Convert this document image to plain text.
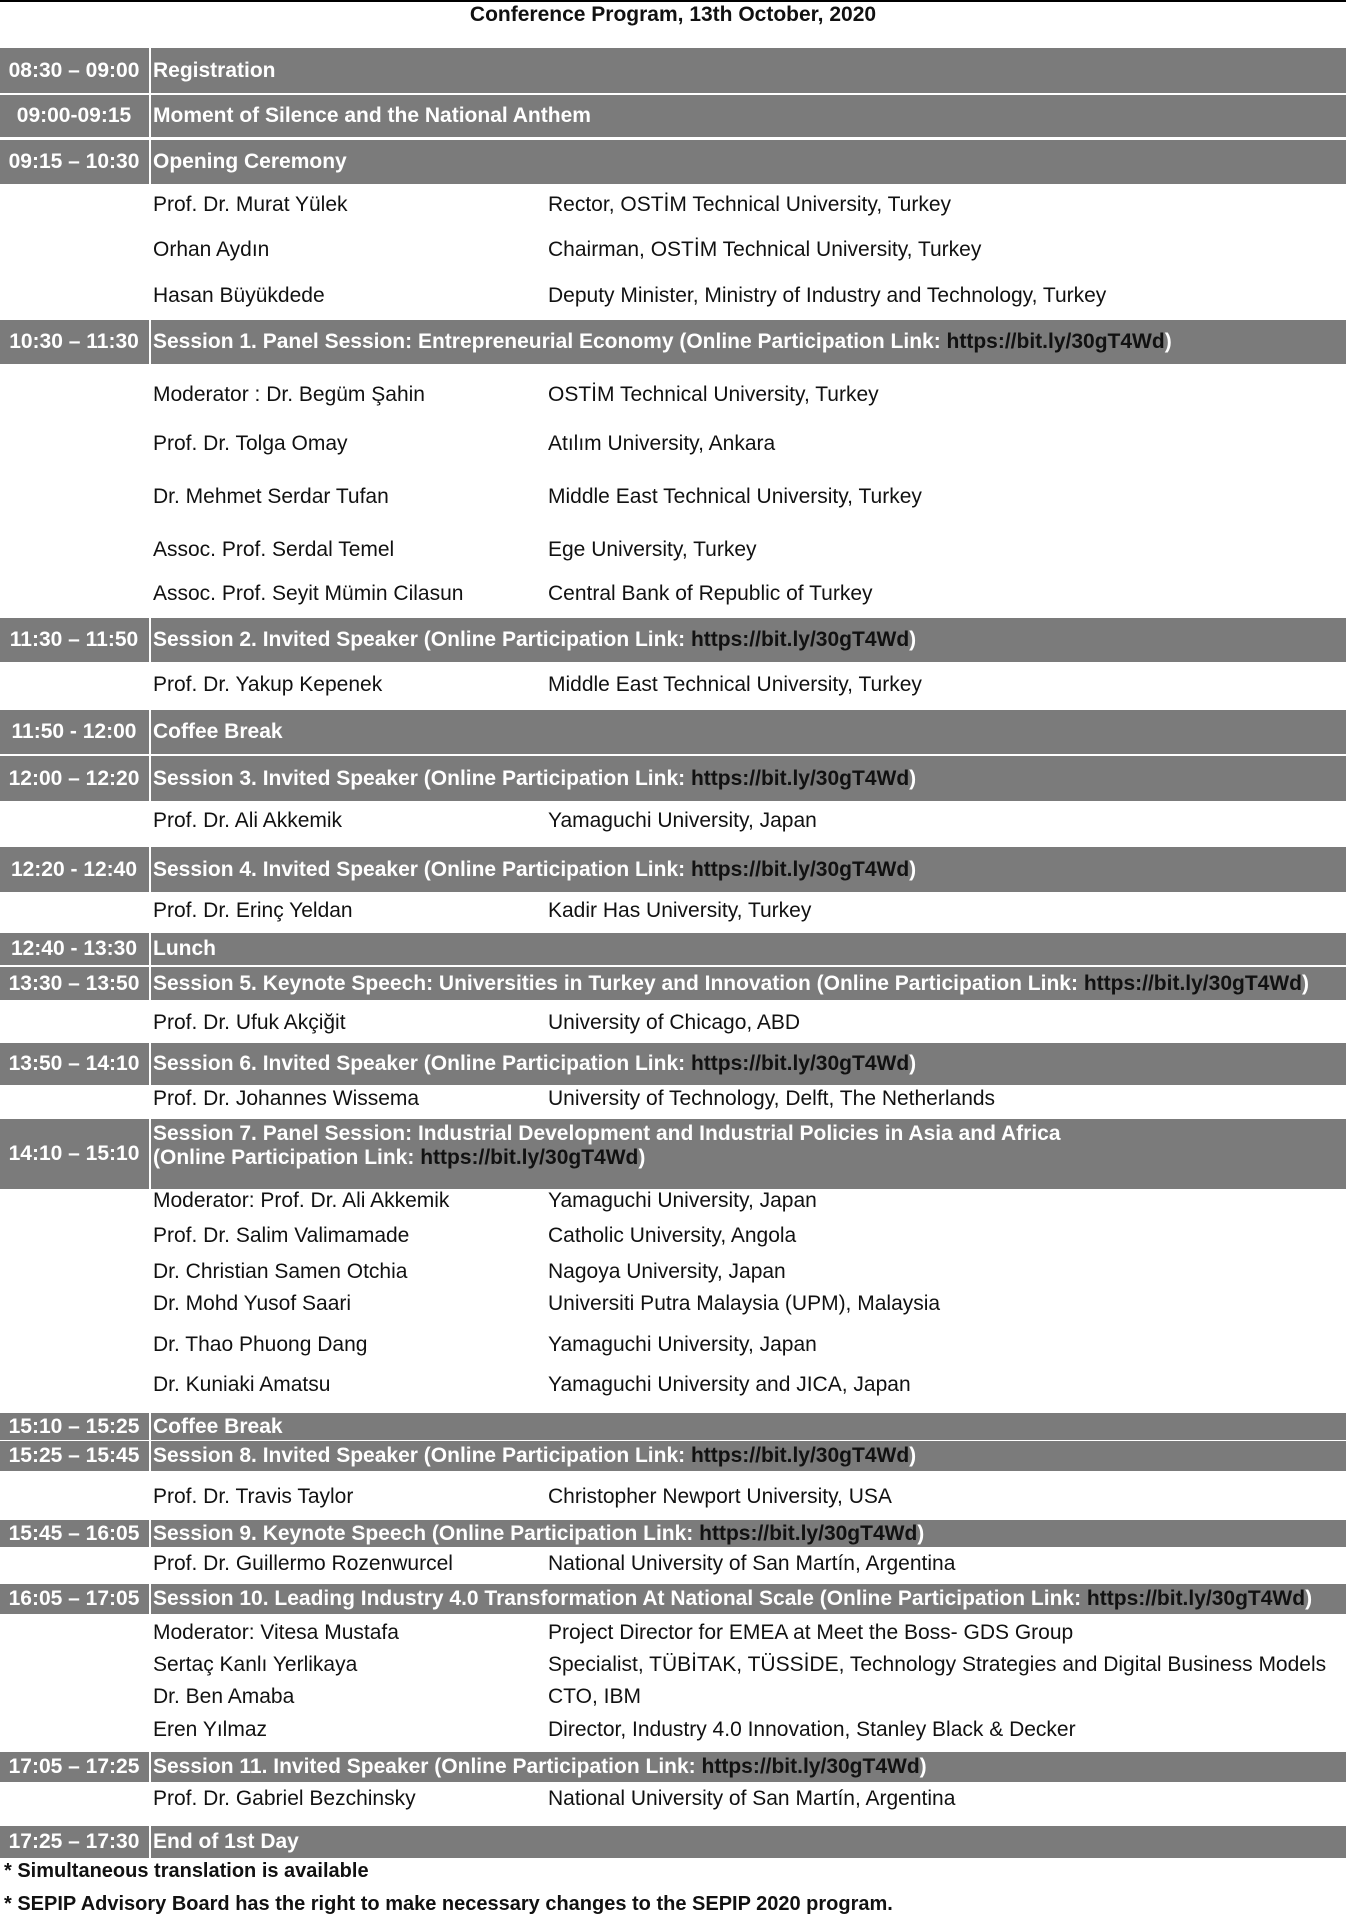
Conference Program, 13th October, 2020
08:30 – 09:00 Registration
09:00-09:15	Moment of Silence and the National Anthem
09:15 – 10:30 Opening Ceremony
Prof. Dr. Murat Yülek	Rector, OSTİM Technical University, Turkey
Orhan Aydın	Chairman, OSTİM Technical University, Turkey
Hasan Büyükdede	Deputy Minister, Ministry of Industry and Technology, Turkey
10:30 – 11:30 Session 1. Panel Session: Entrepreneurial Economy (Online Participation Link: https://bit.ly/30gT4Wd )
Moderator : Dr. Begüm Şahin	OSTİM Technical University, Turkey
Prof. Dr. Tolga Omay	Atılım University, Ankara
Dr. Mehmet Serdar Tufan	Middle East Technical University, Turkey
Assoc. Prof. Serdal Temel	Ege University, Turkey
Assoc. Prof. Seyit Mümin Cilasun	Central Bank of Republic of Turkey
11:30 – 11:50 Session 2. Invited Speaker (Online Participation Link: https://bit.ly/30gT4Wd )
Prof. Dr. Yakup Kepenek	Middle East Technical University, Turkey
11:50 - 12:00 Coffee Break
12:00 – 12:20 Session 3. Invited Speaker (Online Participation Link: https://bit.ly/30gT4Wd )
Prof. Dr. Ali Akkemik	Yamaguchi University, Japan
12:20 - 12:40 Session 4. Invited Speaker (Online Participation Link: https://bit.ly/30gT4Wd )
Prof. Dr. Erinç Yeldan	Kadir Has University, Turkey
12:40 - 13:30 Lunch
13:30 – 13:50 Session 5. Keynote Speech: Universities in Turkey and Innovation (Online Participation Link: https://bit.ly/30gT4Wd )
Prof. Dr. Ufuk Akçiğit	University of Chicago, ABD
13:50 – 14:10 Session 6. Invited Speaker (Online Participation Link: https://bit.ly/30gT4Wd )
Prof. Dr. Johannes Wissema	University of Technology, Delft, The Netherlands
14:10 – 15:10
Session 7. Panel Session: Industrial Development and Industrial Policies in Asia and Africa
(Online Participation Link: https://bit.ly/30gT4Wd)
Moderator: Prof. Dr. Ali Akkemik	Yamaguchi University, Japan
Prof. Dr. Salim Valimamade	Catholic University, Angola
Dr. Christian Samen Otchia	Nagoya University, Japan
Dr. Mohd Yusof Saari	Universiti Putra Malaysia (UPM), Malaysia
Dr. Thao Phuong Dang	Yamaguchi University, Japan
Dr. Kuniaki Amatsu	Yamaguchi University and JICA, Japan
15:10 – 15:25 Coffee Break
15:25 – 15:45 Session 8. Invited Speaker (Online Participation Link: https://bit.ly/30gT4Wd )
Prof. Dr. Travis Taylor	Christopher Newport University, USA
15:45 – 16:05 Session 9. Keynote Speech (Online Participation Link: https://bit.ly/30gT4Wd )
Prof. Dr. Guillermo Rozenwurcel	National University of San Martín, Argentina
16:05 – 17:05 Session 10. Leading Industry 4.0 Transformation At National Scale (Online Participation Link: https://bit.ly/30gT4Wd )
Moderator: Vitesa Mustafa	Project Director for EMEA at Meet the Boss- GDS Group
Sertaç Kanlı Yerlikaya	Specialist, TÜBİTAK, TÜSSİDE, Technology Strategies and Digital Business Models
Dr. Ben Amaba	CTO, IBM
Eren Yılmaz	Director, Industry 4.0 Innovation, Stanley Black & Decker
17:05 – 17:25 Session 11. Invited Speaker (Online Participation Link: https://bit.ly/30gT4Wd )
Prof. Dr. Gabriel Bezchinsky	National University of San Martín, Argentina
17:25 – 17:30 End of 1st Day
* Simultaneous translation is available
* SEPIP Advisory Board has the right to make necessary changes to the SEPIP 2020 program.
